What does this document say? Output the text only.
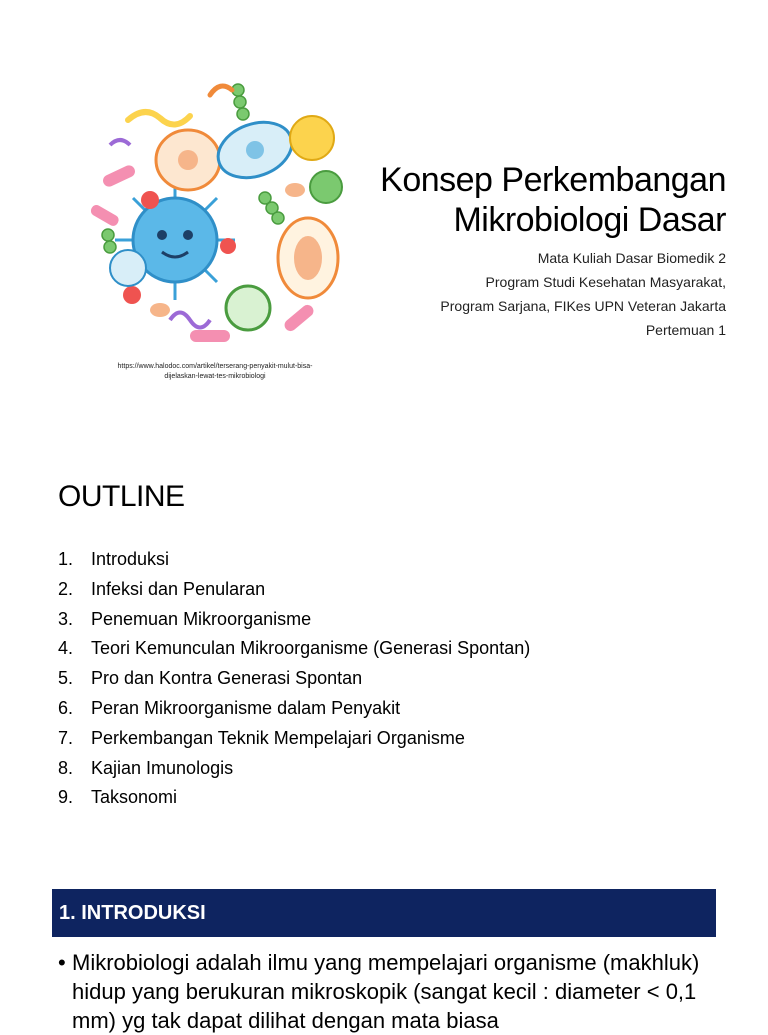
https://www.halodoc.com/artikel/terserang-penyakit-mulut-bisa-
dijelaskan-lewat-tes-mikrobiologi
Konsep Perkembangan
Mikrobiologi Dasar
Mata Kuliah Dasar Biomedik 2
Program Studi Kesehatan Masyarakat,
Program Sarjana, FIKes UPN Veteran Jakarta
Pertemuan 1
OUTLINE
1. Introduksi
2. Infeksi dan Penularan
3. Penemuan Mikroorganisme
4. Teori Kemunculan Mikroorganisme (Generasi Spontan)
5. Pro dan Kontra Generasi Spontan
6. Peran Mikroorganisme dalam Penyakit
7. Perkembangan Teknik Mempelajari Organisme
8. Kajian Imunologis
9. Taksonomi
1. INTRODUKSI
• Mikrobiologi adalah ilmu yang mempelajari organisme (makhluk) hidup yang berukuran mikroskopik (sangat kecil : diameter < 0,1 mm) yg tak dapat dilihat dengan mata biasa
